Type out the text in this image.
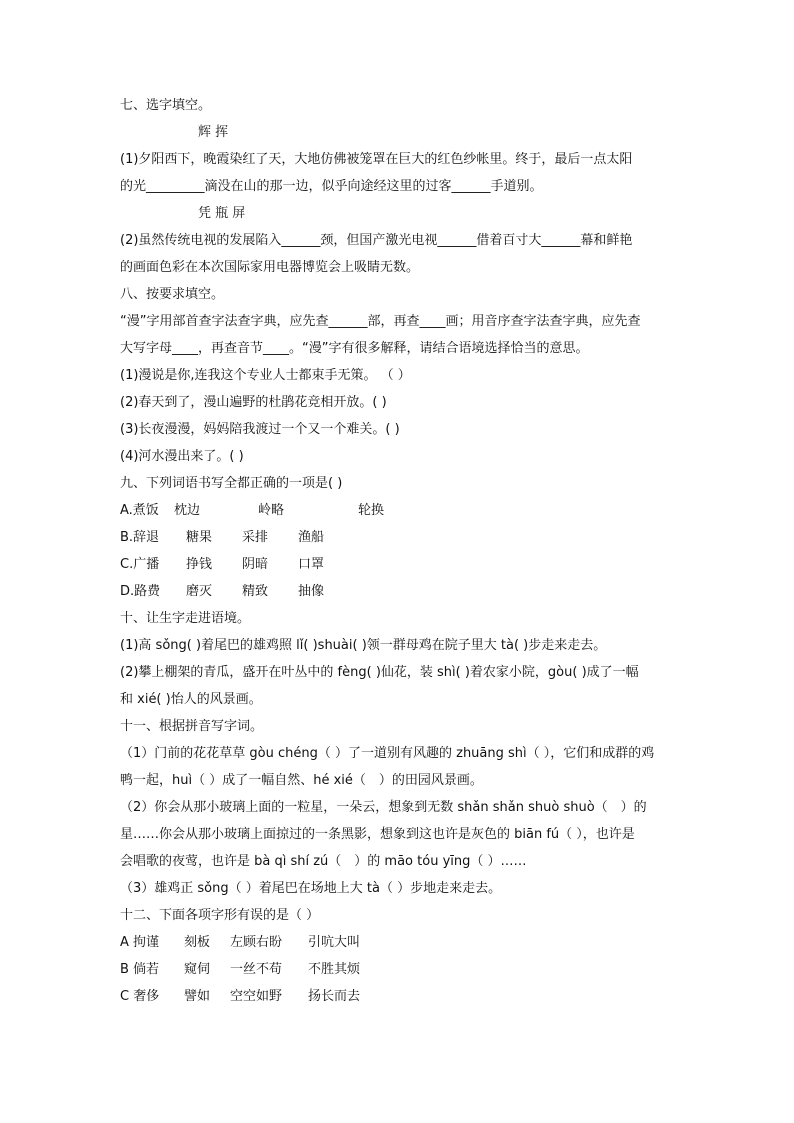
七、选字填空。
辉 挥
(1)夕阳西下，晚霞染红了天，大地仿佛被笼罩在巨大的红色纱帐里。终于，最后一点太阳
的光_________滴没在山的那一边，似乎向途经这里的过客______手道别。
凭 瓶 屏
(2)虽然传统电视的发展陷入______颈，但国产激光电视______借着百寸大______幕和鲜艳
的画面色彩在本次国际家用电器博览会上吸睛无数。
八、按要求填空。
“漫”字用部首查字法查字典，应先查______部，再查____画；用音序查字法查字典，应先查
大写字母____，再查音节____。“漫”字有很多解释，请结合语境选择恰当的意思。
(1)漫说是你,连我这个专业人士都束手无策。 （ ）
(2)春天到了，漫山遍野的杜鹃花竞相开放。( )
(3)长夜漫漫，妈妈陪我渡过一个又一个难关。( )
(4)河水漫出来了。( )
九、下列词语书写全都正确的一项是( )
A.煮饭 枕边	岭略	轮换
B.辞退 糖果 采排 渔船
C.广播 挣钱 阴暗 口罩
D.路费 磨灭 精致 抽像
十、让生字走进语境。
(1)高 sǒng( )着尾巴的雄鸡照 lǐ( )shuài( )领一群母鸡在院子里大 tà( )步走来走去。
(2)攀上棚架的青瓜，盛开在叶丛中的 fèng( )仙花，装 shì( )着农家小院，gòu( )成了一幅
和 xié( )怡人的风景画。
十一、根据拼音写字词。
（1）门前的花花草草 gòu chéng（ ）了一道别有风趣的 zhuāng shì（ ），它们和成群的鸡
鸭一起，huì（ ）成了一幅自然、hé xié（　）的田园风景画。
（2）你会从那小玻璃上面的一粒星，一朵云，想象到无数 shǎn shǎn shuò shuò（　）的
星……你会从那小玻璃上面掠过的一条黑影，想象到这也许是灰色的 biān fú（ ），也许是
会唱歌的夜莺，也许是 bà qì shí zú（　）的 māo tóu yīng（ ）……
（3）雄鸡正 sǒng（ ）着尾巴在场地上大 tà（ ）步地走来走去。
十二、下面各项字形有误的是（ ）
A 拘谨 刻板 左顾右盼 引吭大叫
B 倘若 窥伺 一丝不苟 不胜其烦
C 奢侈 譬如 空空如野 扬长而去
